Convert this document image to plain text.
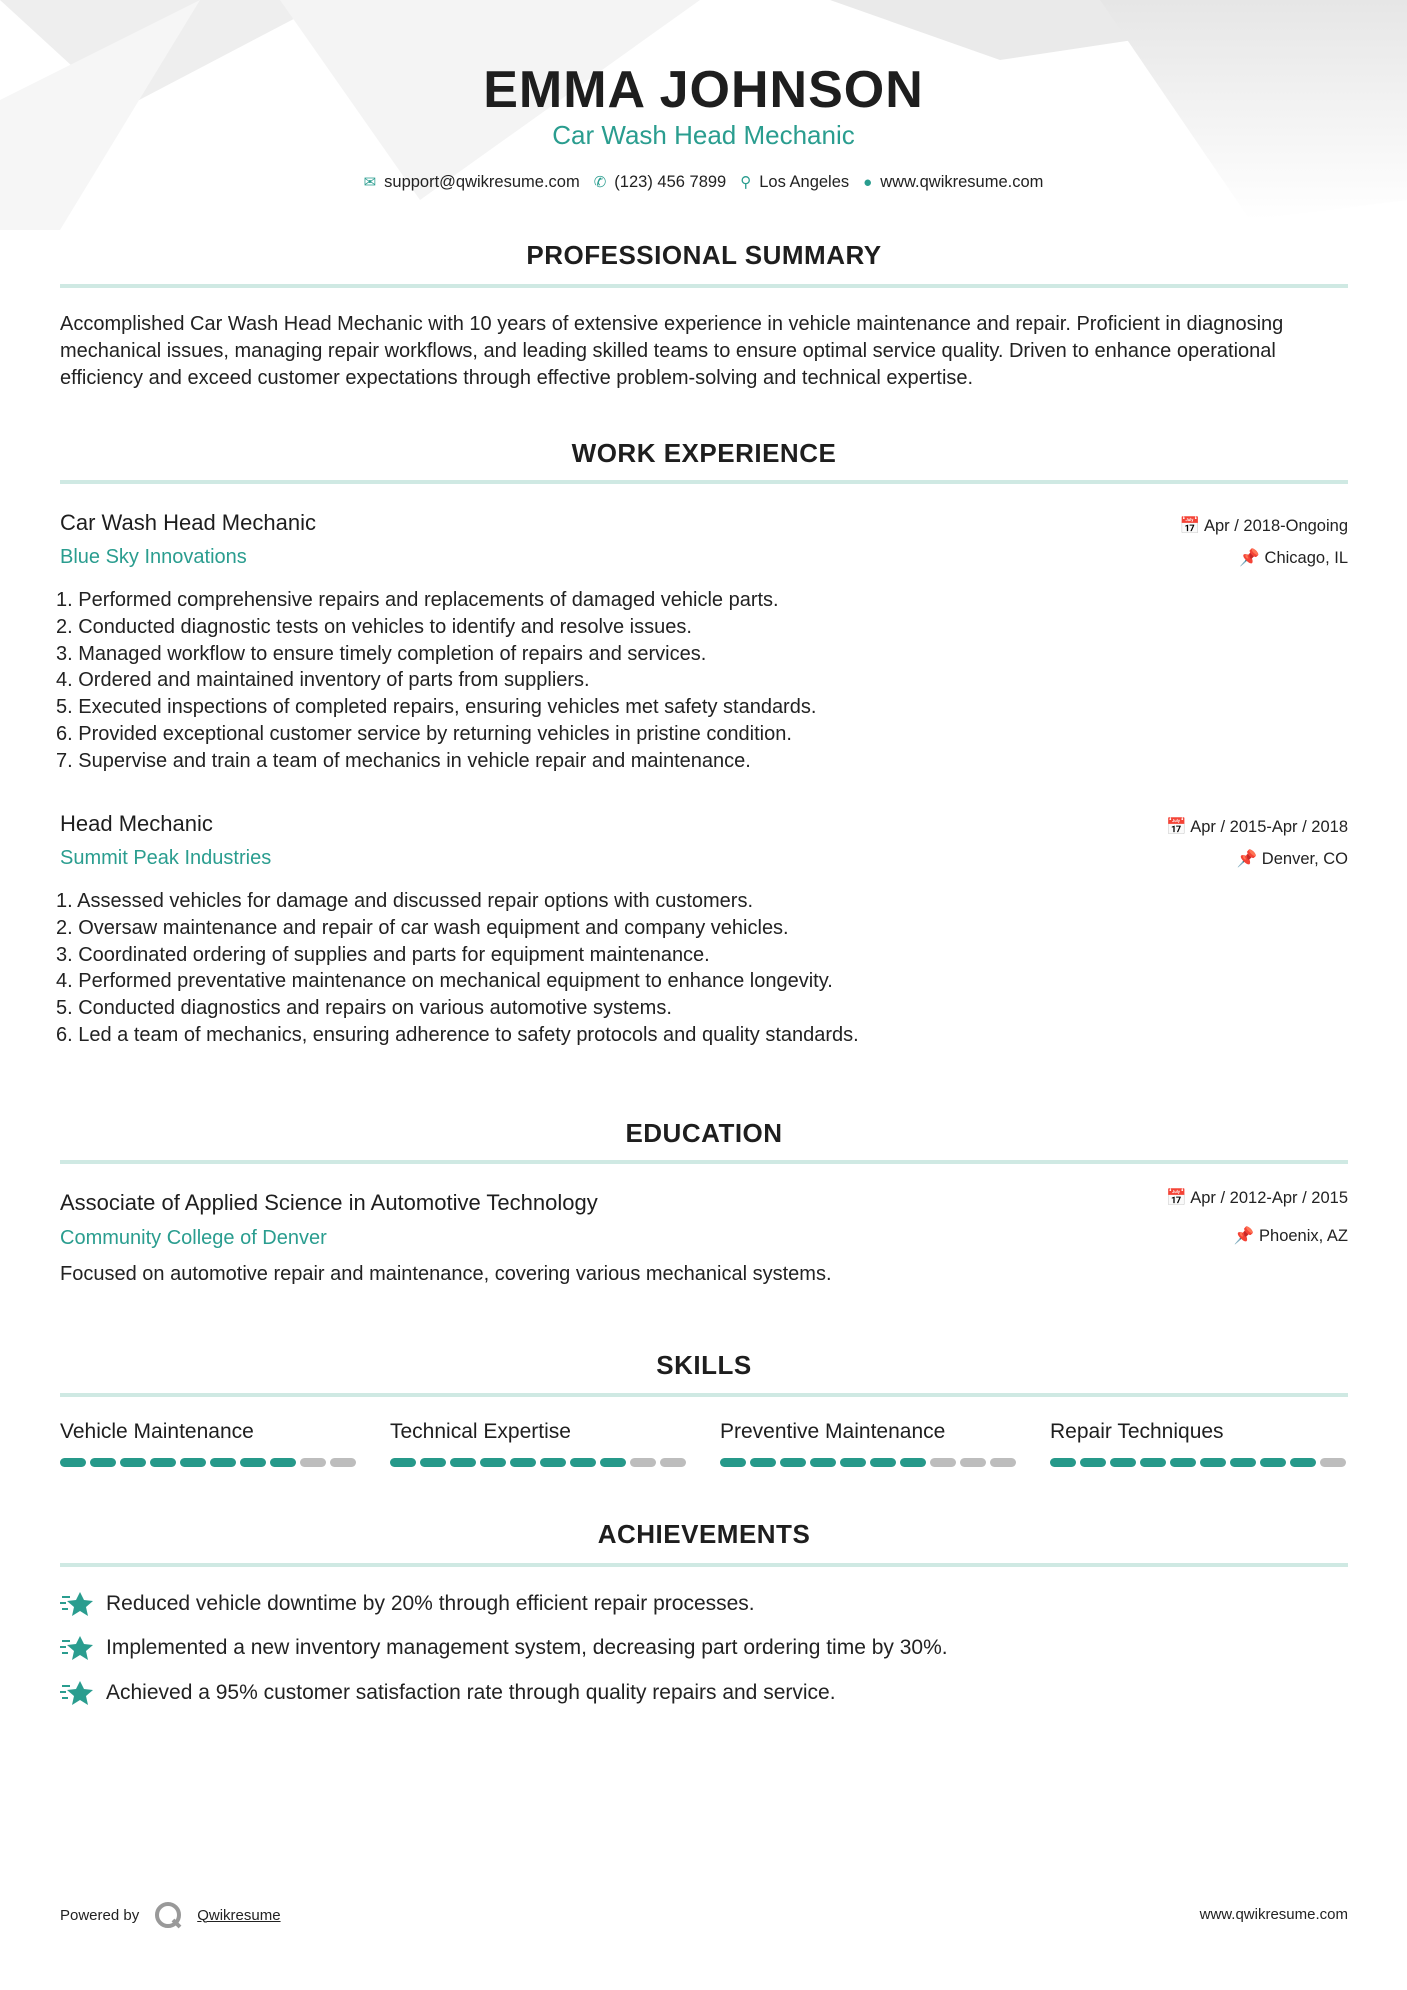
EMMA JOHNSON
Car Wash Head Mechanic
✉ support@qwikresume.com ✆ (123) 456 7899 ⚲ Los Angeles ● www.qwikresume.com
PROFESSIONAL SUMMARY
Accomplished Car Wash Head Mechanic with 10 years of extensive experience in vehicle maintenance and repair. Proficient in diagnosing mechanical issues, managing repair workflows, and leading skilled teams to ensure optimal service quality. Driven to enhance operational efficiency and exceed customer expectations through effective problem-solving and technical expertise.
WORK EXPERIENCE
Car Wash Head Mechanic
Blue Sky Innovations
📅 Apr / 2018-Ongoing
📌 Chicago, IL
1. Performed comprehensive repairs and replacements of damaged vehicle parts.
2. Conducted diagnostic tests on vehicles to identify and resolve issues.
3. Managed workflow to ensure timely completion of repairs and services.
4. Ordered and maintained inventory of parts from suppliers.
5. Executed inspections of completed repairs, ensuring vehicles met safety standards.
6. Provided exceptional customer service by returning vehicles in pristine condition.
7. Supervise and train a team of mechanics in vehicle repair and maintenance.
Head Mechanic
Summit Peak Industries
📅 Apr / 2015-Apr / 2018
📌 Denver, CO
1. Assessed vehicles for damage and discussed repair options with customers.
2. Oversaw maintenance and repair of car wash equipment and company vehicles.
3. Coordinated ordering of supplies and parts for equipment maintenance.
4. Performed preventative maintenance on mechanical equipment to enhance longevity.
5. Conducted diagnostics and repairs on various automotive systems.
6. Led a team of mechanics, ensuring adherence to safety protocols and quality standards.
EDUCATION
Associate of Applied Science in Automotive Technology
Community College of Denver
📅 Apr / 2012-Apr / 2015
📌 Phoenix, AZ
Focused on automotive repair and maintenance, covering various mechanical systems.
SKILLS
Vehicle Maintenance	Technical Expertise	Preventive Maintenance	Repair Techniques
ACHIEVEMENTS
Reduced vehicle downtime by 20% through efficient repair processes.
Implemented a new inventory management system, decreasing part ordering time by 30%.
Achieved a 95% customer satisfaction rate through quality repairs and service.
Powered by	Qwikresume	www.qwikresume.com
